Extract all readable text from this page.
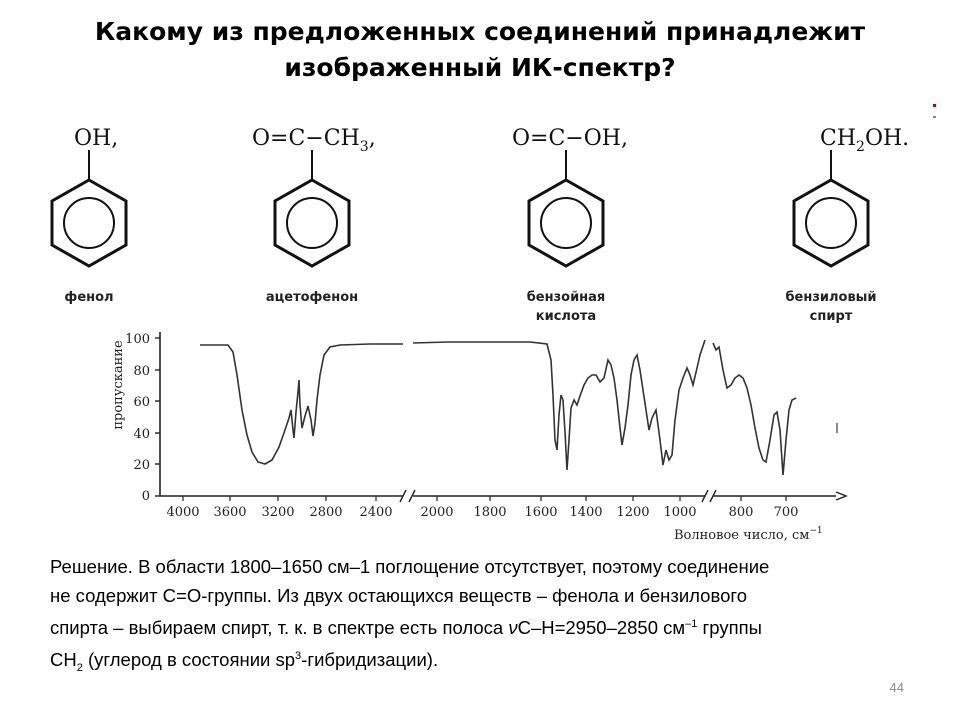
Какому из предложенных соединений принадлежит
изображенный ИК-спектр?
OH,
фенол
$O=C-CH_3$,
ацетофенон
O=C−OH,
бензойная
кислота
$CH_2OH$.
бензиловый
спирт
пропускание
100
80
60
40
20
0
4000 3600 3200 2800 2400 2000 1800 1600 1400 1200 1000 800 700
Волновое число, $см^{-1}$

Решение. В области 1800–1650 см–1 поглощение отсутствует, поэтому соединение

не содержит С=О-группы. Из двух остающихся веществ – фенола и бензилового

спирта – выбираем спирт, т. к. в спектре есть полоса νС–Н=2950–2850 $см^{-1}$ группы

$СН_2$ (углерод в состоянии $sp^3-гибридизации$).

44
